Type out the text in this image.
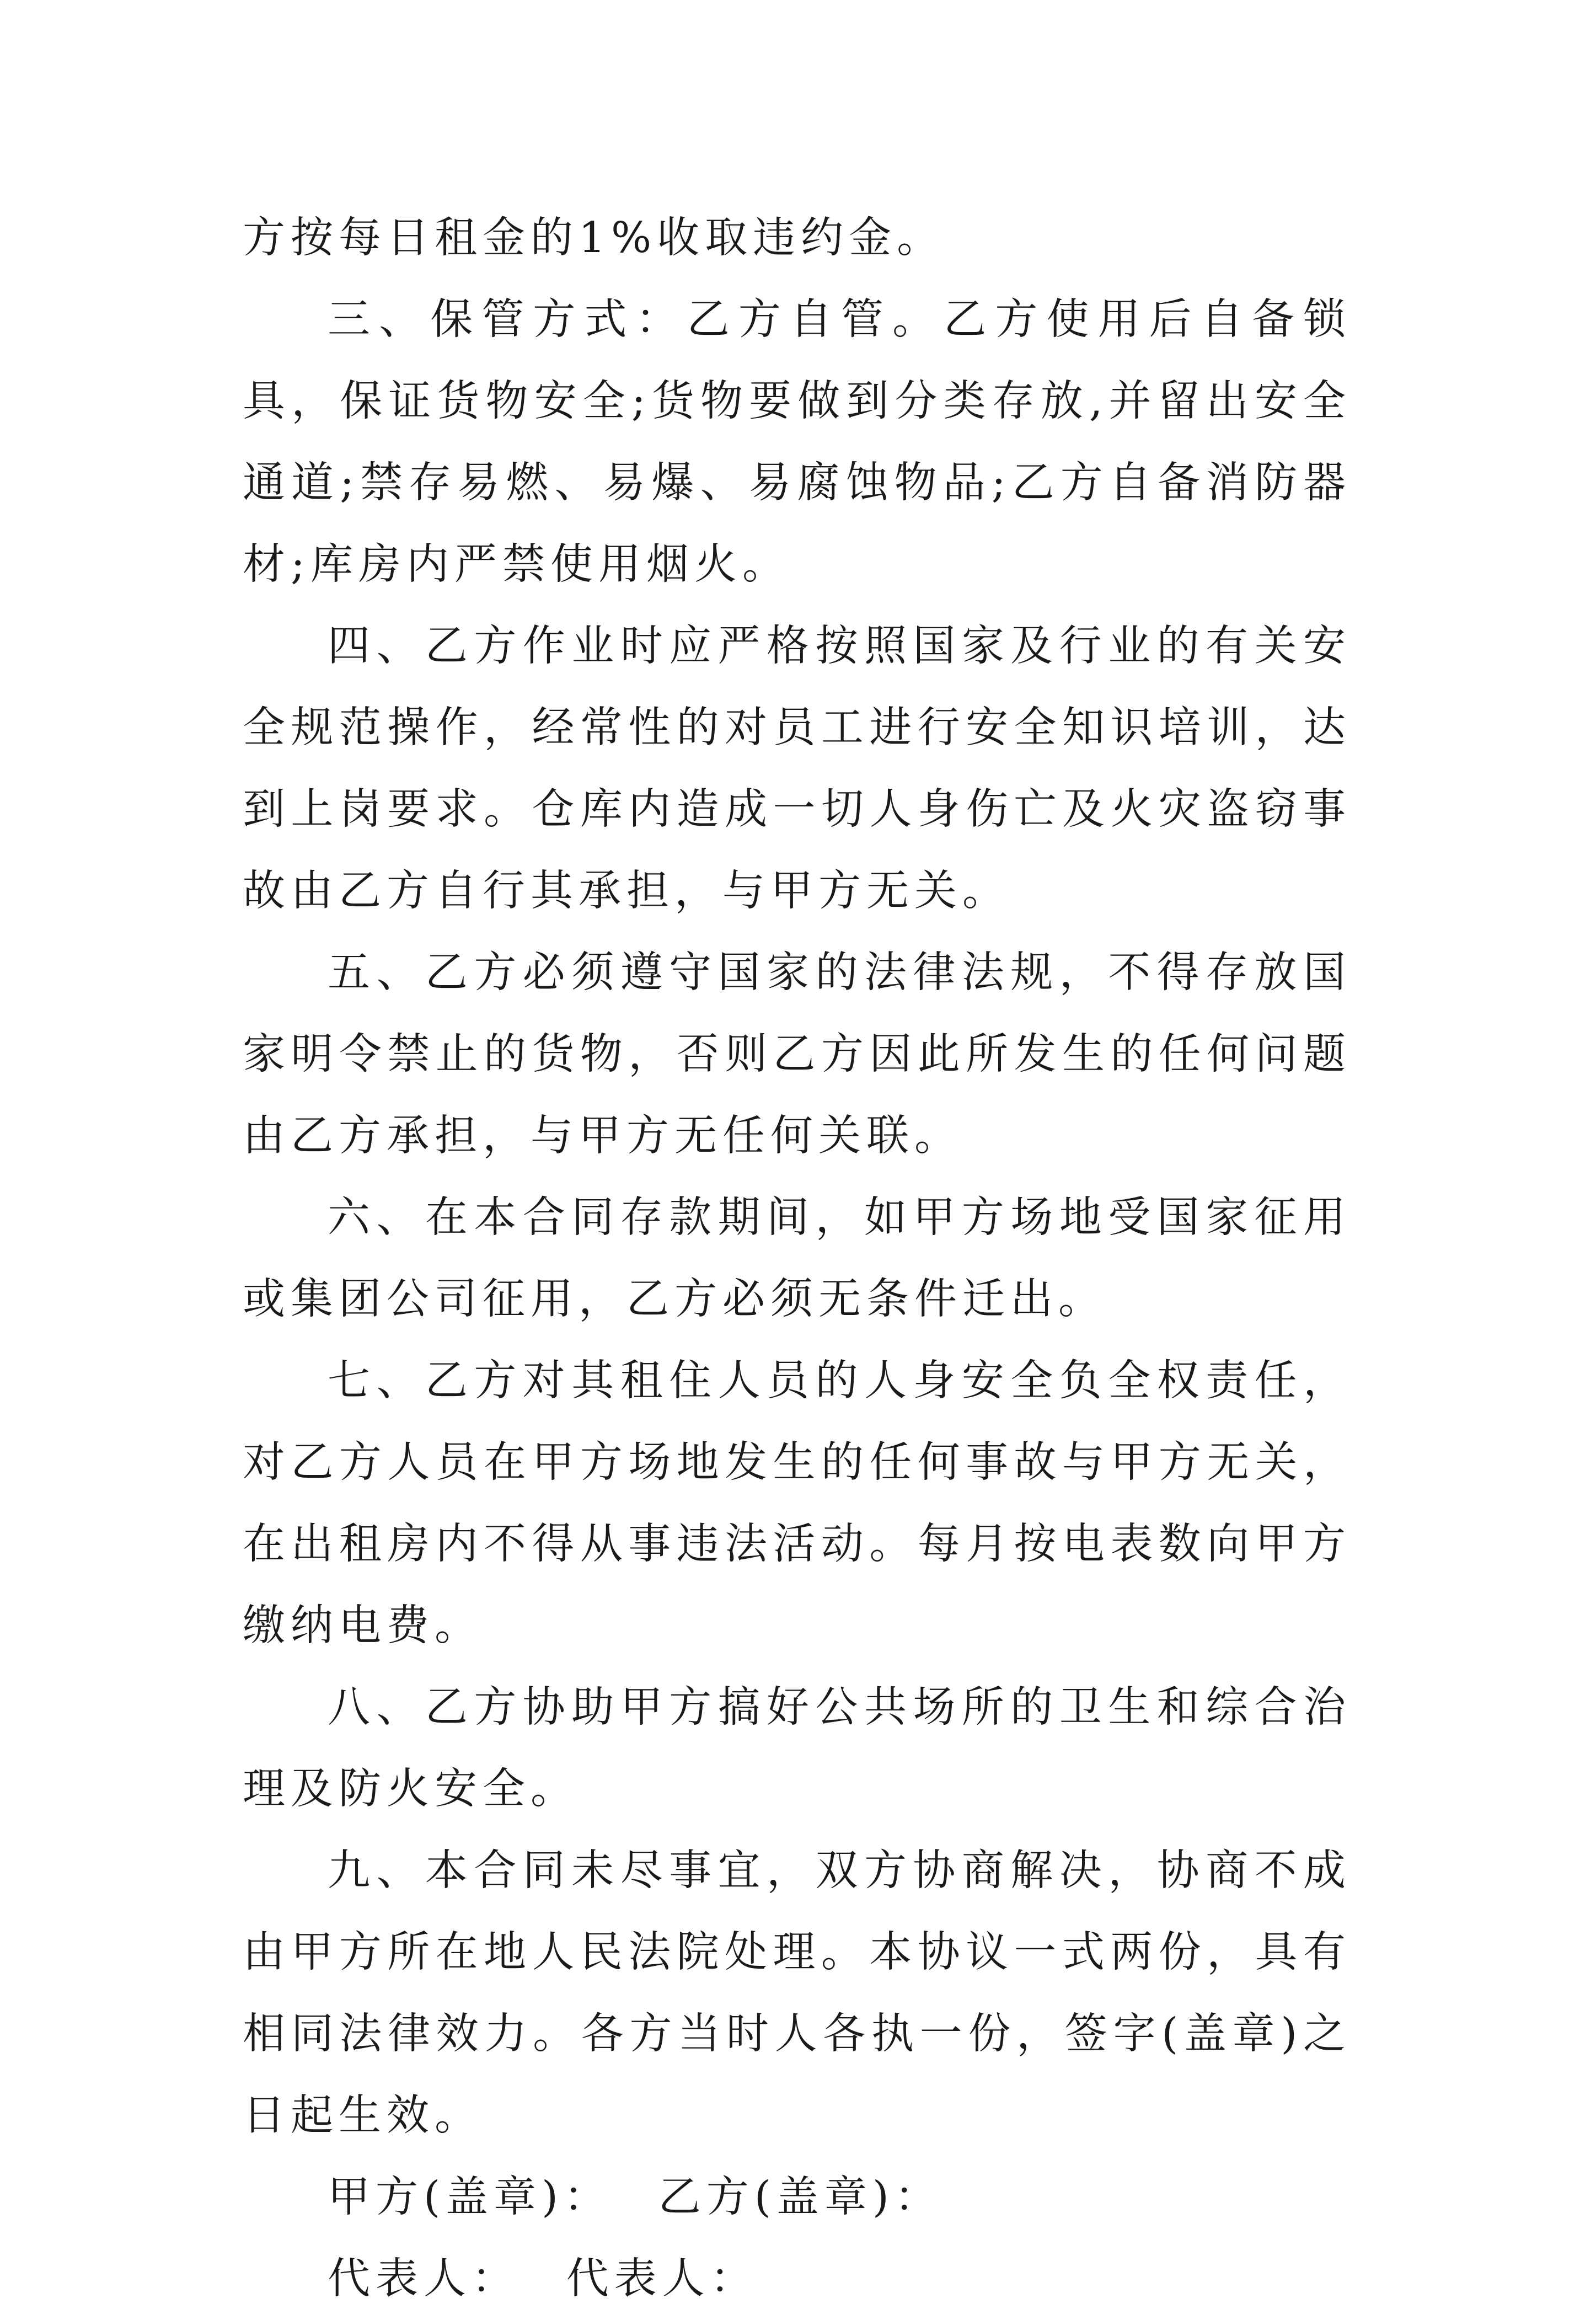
方按每日租金的1%收取违约金。

三、保管方式：乙方自管。乙方使用后自备锁具，保证货物安全;货物要做到分类存放,并留出安全通道;禁存易燃、易爆、易腐蚀物品;乙方自备消防器材;库房内严禁使用烟火。

四、乙方作业时应严格按照国家及行业的有关安全规范操作，经常性的对员工进行安全知识培训，达到上岗要求。仓库内造成一切人身伤亡及火灾盗窃事故由乙方自行其承担，与甲方无关。

五、乙方必须遵守国家的法律法规，不得存放国家明令禁止的货物，否则乙方因此所发生的任何问题由乙方承担，与甲方无任何关联。

六、在本合同存款期间，如甲方场地受国家征用或集团公司征用，乙方必须无条件迁出。

七、乙方对其租住人员的人身安全负全权责任，对乙方人员在甲方场地发生的任何事故与甲方无关，在出租房内不得从事违法活动。每月按电表数向甲方缴纳电费。

八、乙方协助甲方搞好公共场所的卫生和综合治理及防火安全。

九、本合同未尽事宜，双方协商解决，协商不成由甲方所在地人民法院处理。本协议一式两份，具有相同法律效力。各方当时人各执一份，签字(盖章)之日起生效。

甲方(盖章)： 乙方(盖章)：
代表人： 代表人：
